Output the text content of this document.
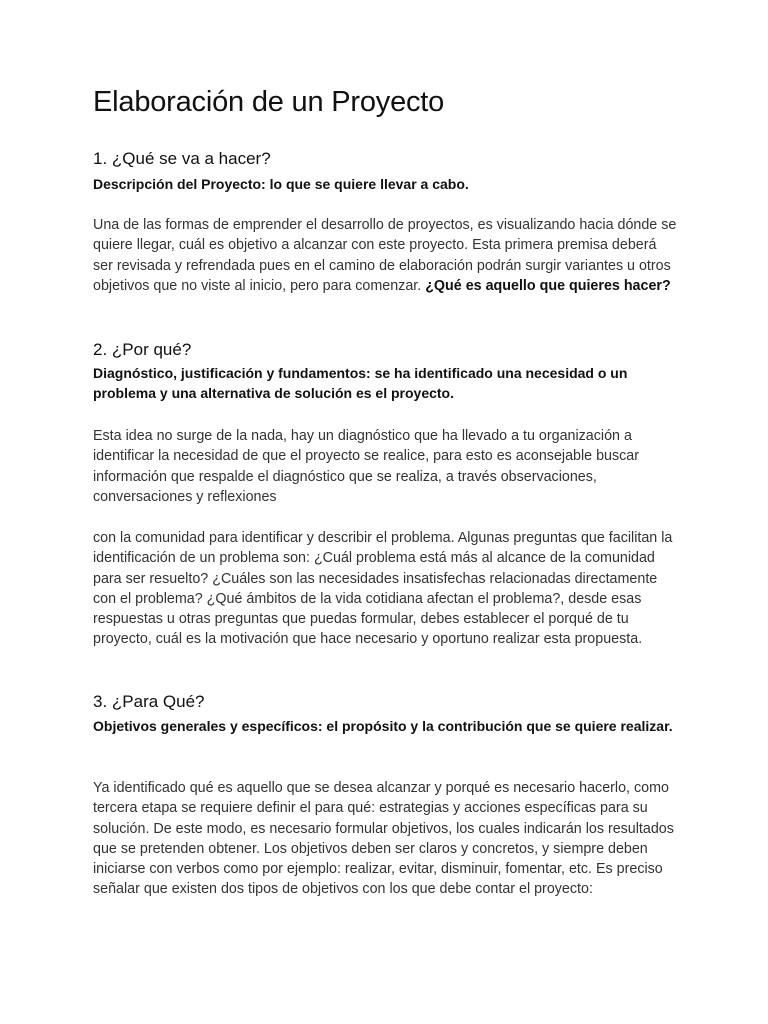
Elaboración de un Proyecto
1. ¿Qué se va a hacer?

Descripción del Proyecto: lo que se quiere llevar a cabo.

Una de las formas de emprender el desarrollo de proyectos, es visualizando hacia dónde se quiere llegar, cuál es objetivo a alcanzar con este proyecto. Esta primera premisa deberá ser revisada y refrendada pues en el camino de elaboración podrán surgir variantes u otros objetivos que no viste al inicio, pero para comenzar. ¿Qué es aquello que quieres hacer?

2. ¿Por qué?

Diagnóstico, justificación y fundamentos: se ha identificado una necesidad o un problema y una alternativa de solución es el proyecto.

Esta idea no surge de la nada, hay un diagnóstico que ha llevado a tu organización a identificar la necesidad de que el proyecto se realice, para esto es aconsejable buscar información que respalde el diagnóstico que se realiza, a través observaciones, conversaciones y reflexiones

con la comunidad para identificar y describir el problema. Algunas preguntas que facilitan la identificación de un problema son: ¿Cuál problema está más al alcance de la comunidad para ser resuelto? ¿Cuáles son las necesidades insatisfechas relacionadas directamente con el problema? ¿Qué ámbitos de la vida cotidiana afectan el problema?, desde esas respuestas u otras preguntas que puedas formular, debes establecer el porqué de tu proyecto, cuál es la motivación que hace necesario y oportuno realizar esta propuesta.

3. ¿Para Qué?

Objetivos generales y específicos: el propósito y la contribución que se quiere realizar.

Ya identificado qué es aquello que se desea alcanzar y porqué es necesario hacerlo, como tercera etapa se requiere definir el para qué: estrategias y acciones específicas para su solución. De este modo, es necesario formular objetivos, los cuales indicarán los resultados que se pretenden obtener. Los objetivos deben ser claros y concretos, y siempre deben iniciarse con verbos como por ejemplo: realizar, evitar, disminuir, fomentar, etc. Es preciso señalar que existen dos tipos de objetivos con los que debe contar el proyecto:
